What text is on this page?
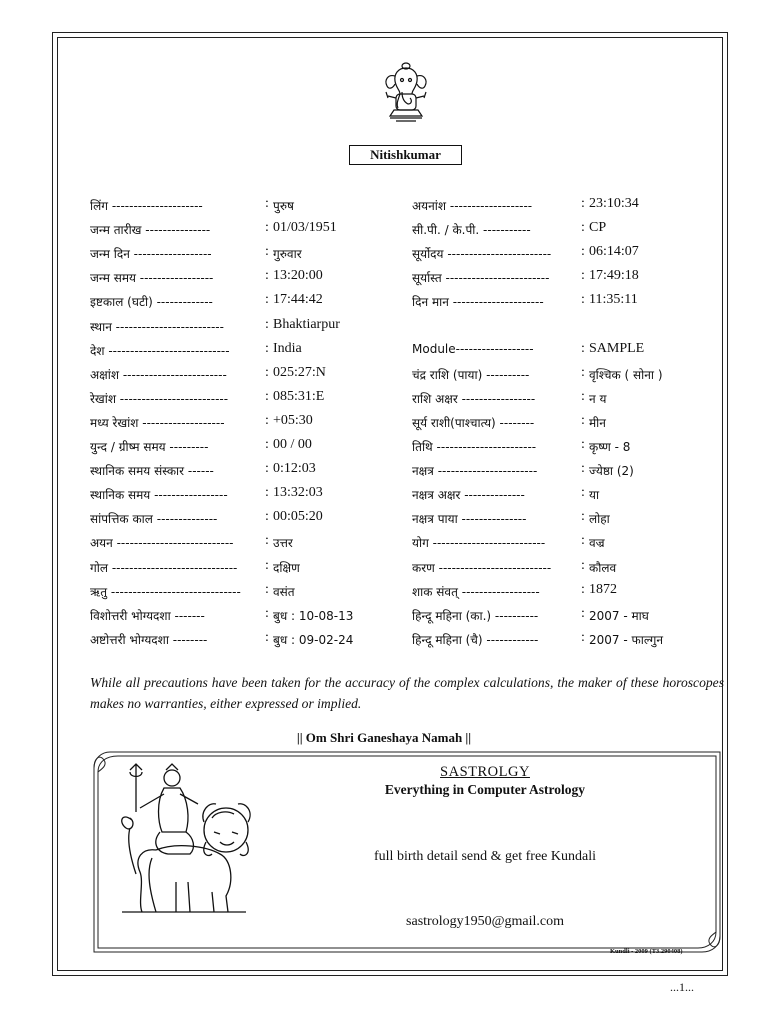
Nitishkumar
लिंग ---------------------	: पुरुष
जन्म तारीख ---------------	: 01/03/1951
जन्म दिन ------------------	: गुरुवार
जन्म समय -----------------	: 13:20:00
इष्टकाल (घटी) -------------	: 17:44:42
स्थान -------------------------	: Bhaktiarpur
देश ----------------------------	: India
अक्षांश ------------------------	: 025:27:N
रेखांश -------------------------	: 085:31:E
मध्य रेखांश -------------------	: +05:30
युन्द / ग्रीष्म समय ---------	: 00 / 00
स्थानिक समय संस्कार ------	: 0:12:03
स्थानिक समय -----------------	: 13:32:03
सांपत्तिक काल --------------	: 00:05:20
अयन --------------------------- : उत्तर
गोल ----------------------------- : दक्षिण
ऋतु ------------------------------ : वसंत
विशोत्तरी भोग्यदशा -------	: बुध : 10-08-13
अष्टोत्तरी भोग्यदशा --------	: बुध : 09-02-24
अयनांश -------------------	: 23:10:34
सी.पी. / के.पी. -----------	: CP
सूर्योदय ------------------------ : 06:14:07
सूर्यास्त ------------------------ : 17:49:18
दिन मान ---------------------	: 11:35:11
Module------------------	: SAMPLE
चंद्र राशि (पाया) ----------	: वृश्चिक ( सोना )
राशि अक्षर -----------------	: न य
सूर्य राशी(पाश्चात्य) --------	: मीन
तिथि -----------------------	: कृष्ण - 8
नक्षत्र -----------------------	: ज्येष्ठा (2)
नक्षत्र अक्षर --------------	: या
नक्षत्र पाया ---------------	: लोहा
योग --------------------------	: वज्र
करण -------------------------- : कौलव
शाक संवत् ------------------	: 1872
हिन्दू महिना (का.) ----------	: 2007 - माघ
हिन्दू महिना (चै) ------------	: 2007 - फाल्गुन
While all precautions have been taken for the accuracy of the complex calculations, the maker of these horoscopes makes no warranties, either expressed or implied.
|| Om Shri Ganeshaya Namah ||
SASTROLGY
Everything in Computer Astrology
full birth detail send & get free Kundali
sastrology1950@gmail.com
Kundli - 2009 (T3.290408)
...1...
